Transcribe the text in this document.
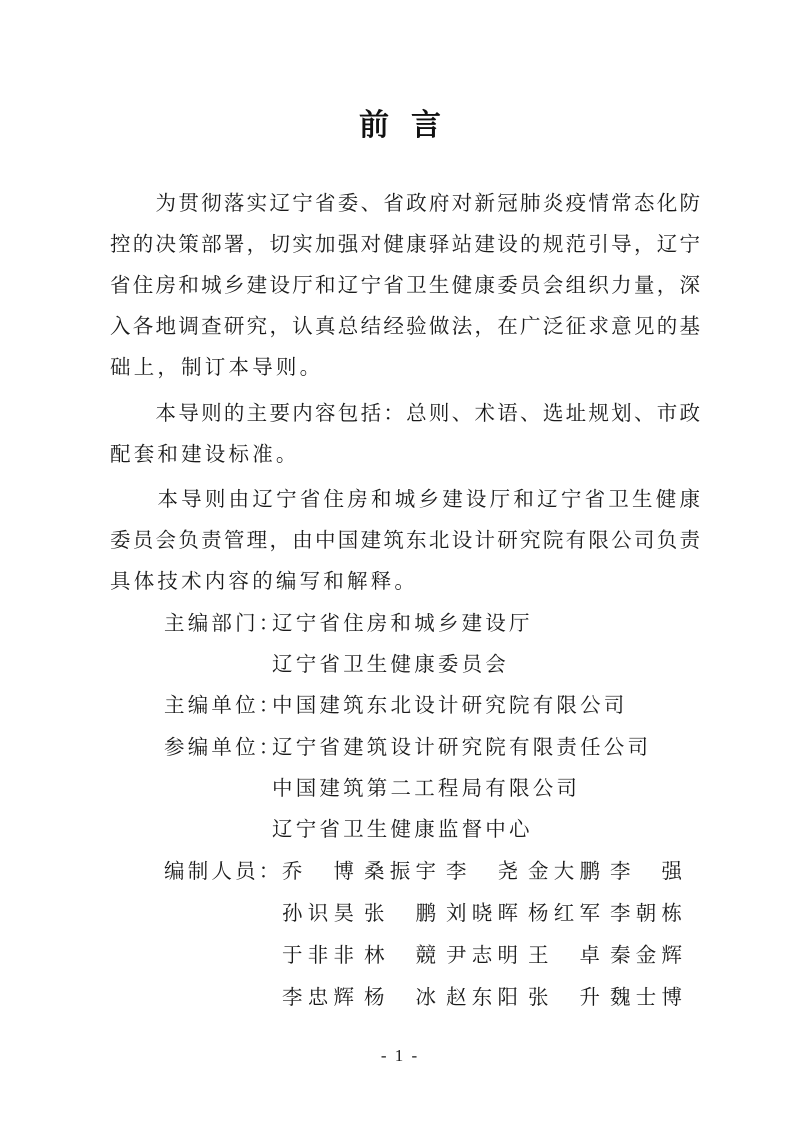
前言
　　为贯彻落实辽宁省委、省政府对新冠肺炎疫情常态化防
控的决策部署，切实加强对健康驿站建设的规范引导，辽宁
省住房和城乡建设厅和辽宁省卫生健康委员会组织力量，深
入各地调查研究，认真总结经验做法，在广泛征求意见的基
础上，制订本导则。
　　本导则的主要内容包括：总则、术语、选址规划、市政
配套和建设标准。
　　本导则由辽宁省住房和城乡建设厅和辽宁省卫生健康
委员会负责管理，由中国建筑东北设计研究院有限公司负责
具体技术内容的编写和解释。
主编部门：
辽宁省住房和城乡建设厅
辽宁省卫生健康委员会
主编单位：
中国建筑东北设计研究院有限公司
参编单位：
辽宁省建筑设计研究院有限责任公司
中国建筑第二工程局有限公司
辽宁省卫生健康监督中心
编制人员： 乔　博 桑振宇 李　尧 金大鹏 李　强
孙识昊 张　鹏 刘晓晖 杨红军 李朝栋
于非非 林　競 尹志明 王　卓 秦金辉
李忠辉 杨　冰 赵东阳 张　升 魏士博
- 1 -
